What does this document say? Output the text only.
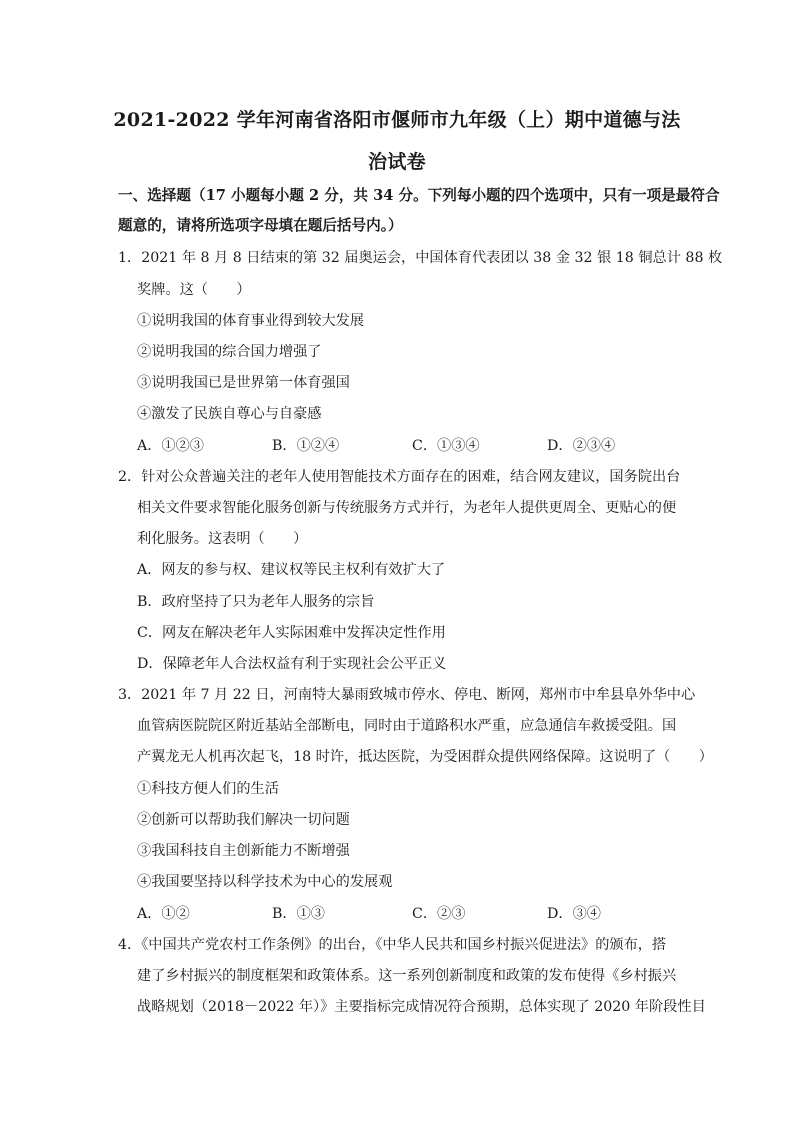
2021-2022 学年河南省洛阳市偃师市九年级（上）期中道德与法
治试卷
一、选择题（17 小题每小题 2 分，共 34 分。下列每小题的四个选项中，只有一项是最符合
题意的，请将所选项字母填在题后括号内。）
1．2021 年 8 月 8 日结束的第 32 届奥运会，中国体育代表团以 38 金 32 银 18 铜总计 88 枚
奖牌。这（　　）
①说明我国的体育事业得到较大发展
②说明我国的综合国力增强了
③说明我国已是世界第一体育强国
④激发了民族自尊心与自豪感
A．①②③	B．①②④	C．①③④	D．②③④
2．针对公众普遍关注的老年人使用智能技术方面存在的困难，结合网友建议，国务院出台
相关文件要求智能化服务创新与传统服务方式并行，为老年人提供更周全、更贴心的便
利化服务。这表明（　　）
A．网友的参与权、建议权等民主权利有效扩大了
B．政府坚持了只为老年人服务的宗旨
C．网友在解决老年人实际困难中发挥决定性作用
D．保障老年人合法权益有利于实现社会公平正义
3．2021 年 7 月 22 日，河南特大暴雨致城市停水、停电、断网，郑州市中牟县阜外华中心
血管病医院院区附近基站全部断电，同时由于道路积水严重，应急通信车救援受阻。国
产翼龙无人机再次起飞，18 时许，抵达医院，为受困群众提供网络保障。这说明了（　　）
①科技方便人们的生活
②创新可以帮助我们解决一切问题
③我国科技自主创新能力不断增强
④我国要坚持以科学技术为中心的发展观
A．①②	B．①③	C．②③	D．③④
4．《中国共产党农村工作条例》的出台，《中华人民共和国乡村振兴促进法》的颁布，搭
建了乡村振兴的制度框架和政策体系。这一系列创新制度和政策的发布使得《乡村振兴
战略规划（2018－2022 年）》主要指标完成情况符合预期，总体实现了 2020 年阶段性目
